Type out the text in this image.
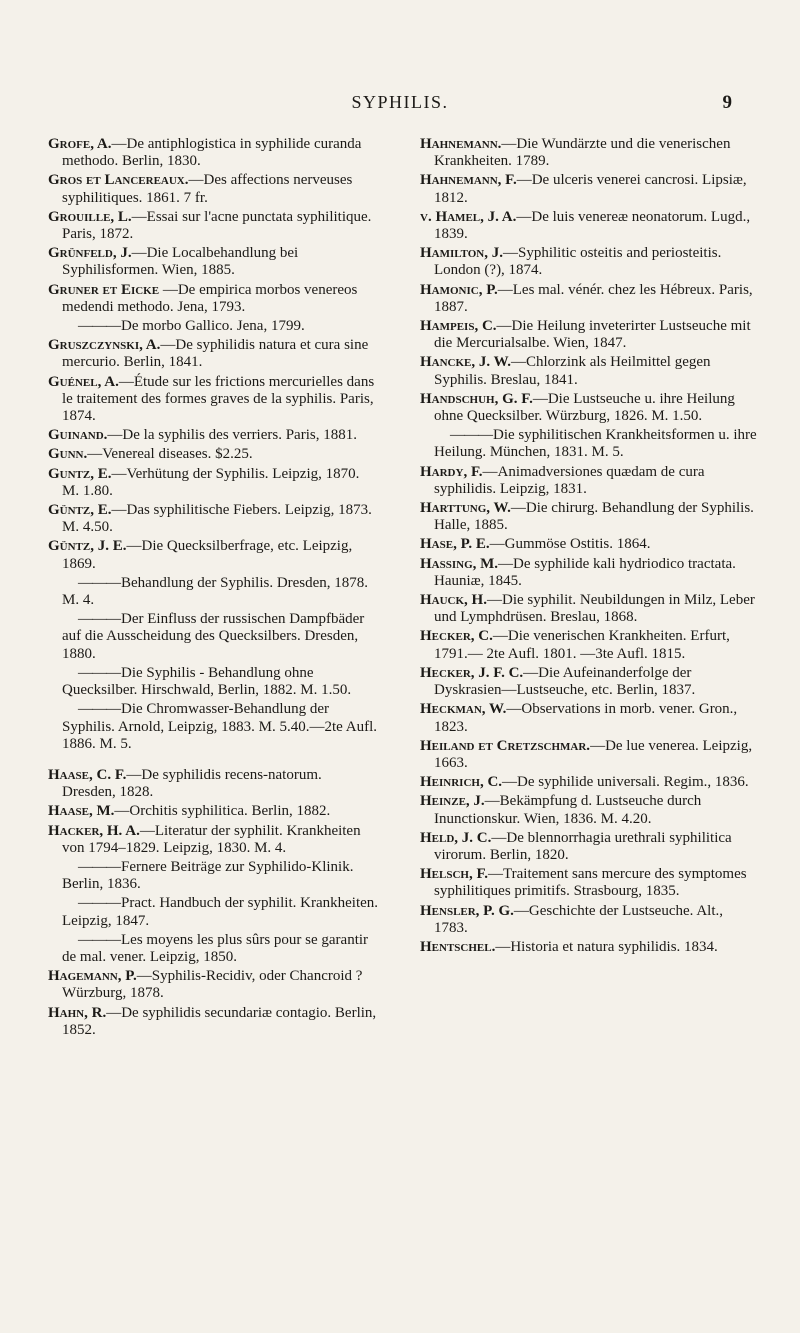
SYPHILIS.	9
Grofe, A.—De antiphlogistica in syphilide curanda methodo. Berlin, 1830.
Gros et Lancereaux.—Des affections nerveuses syphilitiques. 1861. 7 fr.
Grouille, L.—Essai sur l'acne punctata syphilitique. Paris, 1872.
Grünfeld, J.—Die Localbehandlung bei Syphilisformen. Wien, 1885.
Gruner et Eicke —De empirica morbos venereos medendi methodo. Jena, 1793.
——— De morbo Gallico. Jena, 1799.
Gruszczynski, A.—De syphilidis natura et cura sine mercurio. Berlin, 1841.
Guénel, A.—Étude sur les frictions mercurielles dans le traitement des formes graves de la syphilis. Paris, 1874.
Guinand.—De la syphilis des verriers. Paris, 1881.
Gunn.—Venereal diseases. $2.25.
Guntz, E.—Verhütung der Syphilis. Leipzig, 1870. M. 1.80.
Güntz, E.—Das syphilitische Fiebers. Leipzig, 1873. M. 4.50.
Güntz, J. E.—Die Quecksilberfrage, etc. Leipzig, 1869.
——— Behandlung der Syphilis. Dresden, 1878. M. 4.
——— Der Einfluss der russischen Dampfbäder auf die Ausscheidung des Quecksilbers. Dresden, 1880.
——— Die Syphilis - Behandlung ohne Quecksilber. Hirschwald, Berlin, 1882. M. 1.50.
——— Die Chromwasser-Behandlung der Syphilis. Arnold, Leipzig, 1883. M. 5.40.—2te Aufl. 1886. M. 5.
Haase, C. F.—De syphilidis recens-natorum. Dresden, 1828.
Haase, M.—Orchitis syphilitica. Berlin, 1882.
Hacker, H. A.—Literatur der syphilit. Krankheiten von 1794–1829. Leipzig, 1830. M. 4.
——— Fernere Beiträge zur Syphilido-Klinik. Berlin, 1836.
——— Pract. Handbuch der syphilit. Krankheiten. Leipzig, 1847.
——— Les moyens les plus sûrs pour se garantir de mal. vener. Leipzig, 1850.
Hagemann, P.—Syphilis-Recidiv, oder Chancroid ? Würzburg, 1878.
Hahn, R.—De syphilidis secundariæ contagio. Berlin, 1852.
Hahnemann.—Die Wundärzte und die venerischen Krankheiten. 1789.
Hahnemann, F.—De ulceris venerei cancrosi. Lipsiæ, 1812.
v. Hamel, J. A.—De luis venereæ neonatorum. Lugd., 1839.
Hamilton, J.—Syphilitic osteitis and periosteitis. London (?), 1874.
Hamonic, P.—Les mal. vénér. chez les Hébreux. Paris, 1887.
Hampeis, C.—Die Heilung inveterirter Lustseuche mit die Mercurialsalbe. Wien, 1847.
Hancke, J. W.—Chlorzink als Heilmittel gegen Syphilis. Breslau, 1841.
Handschuh, G. F.—Die Lustseuche u. ihre Heilung ohne Quecksilber. Würzburg, 1826. M. 1.50.
——— Die syphilitischen Krankheitsformen u. ihre Heilung. München, 1831. M. 5.
Hardy, F.—Animadversiones quædam de cura syphilidis. Leipzig, 1831.
Harttung, W.—Die chirurg. Behandlung der Syphilis. Halle, 1885.
Hase, P. E.—Gummöse Ostitis. 1864.
Hassing, M.—De syphilide kali hydriodico tractata. Hauniæ, 1845.
Hauck, H.—Die syphilit. Neubildungen in Milz, Leber und Lymphdrüsen. Breslau, 1868.
Hecker, C.—Die venerischen Krankheiten. Erfurt, 1791.— 2te Aufl. 1801. —3te Aufl. 1815.
Hecker, J. F. C.—Die Aufeinanderfolge der Dyskrasien—Lustseuche, etc. Berlin, 1837.
Heckman, W.—Observations in morb. vener. Gron., 1823.
Heiland et Cretzschmar.—De lue venerea. Leipzig, 1663.
Heinrich, C.—De syphilide universali. Regim., 1836.
Heinze, J.—Bekämpfung d. Lustseuche durch Inunctionskur. Wien, 1836. M. 4.20.
Held, J. C.—De blennorrhagia urethrali syphilitica virorum. Berlin, 1820.
Helsch, F.—Traitement sans mercure des symptomes syphilitiques primitifs. Strasbourg, 1835.
Hensler, P. G.—Geschichte der Lustseuche. Alt., 1783.
Hentschel.—Historia et natura syphilidis. 1834.
